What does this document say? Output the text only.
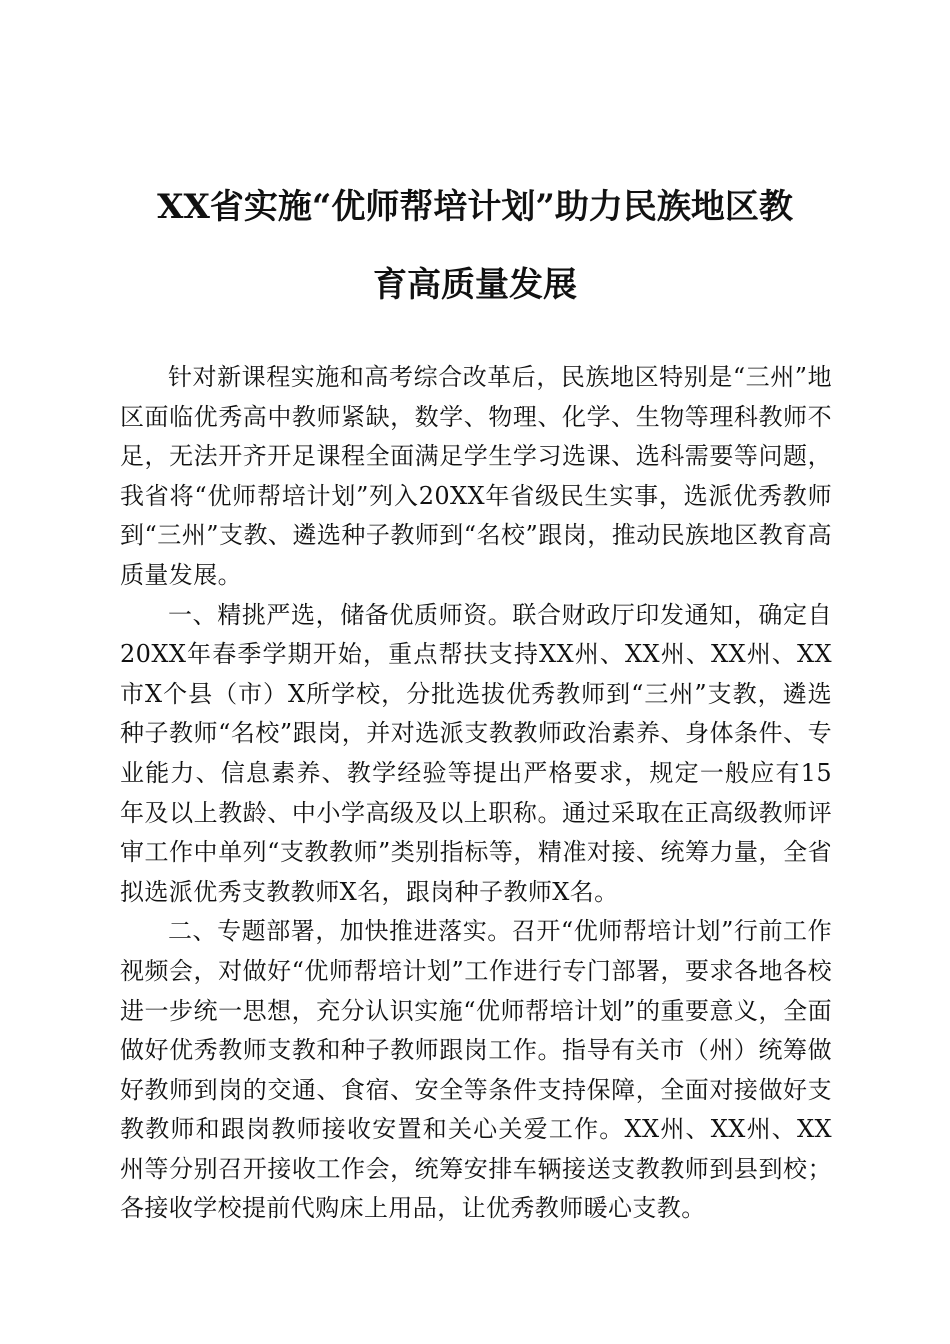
XX省实施“优师帮培计划”助力民族地区教
育高质量发展

针对新课程实施和高考综合改革后，民族地区特别是“三州”地区面临优秀高中教师紧缺，数学、物理、化学、生物等理科教师不足，无法开齐开足课程全面满足学生学习选课、选科需要等问题，我省将“优师帮培计划”列入20XX年省级民生实事，选派优秀教师到“三州”支教、遴选种子教师到“名校”跟岗，推动民族地区教育高质量发展。

一、精挑严选，储备优质师资。联合财政厅印发通知，确定自20XX年春季学期开始，重点帮扶支持XX州、XX州、XX州、XX市X个县（市）X所学校，分批选拔优秀教师到“三州”支教，遴选种子教师“名校”跟岗，并对选派支教教师政治素养、身体条件、专业能力、信息素养、教学经验等提出严格要求，规定一般应有15年及以上教龄、中小学高级及以上职称。通过采取在正高级教师评审工作中单列“支教教师”类别指标等，精准对接、统筹力量，全省拟选派优秀支教教师X名，跟岗种子教师X名。

二、专题部署，加快推进落实。召开“优师帮培计划”行前工作视频会，对做好“优师帮培计划”工作进行专门部署，要求各地各校进一步统一思想，充分认识实施“优师帮培计划”的重要意义，全面做好优秀教师支教和种子教师跟岗工作。指导有关市（州）统筹做好教师到岗的交通、食宿、安全等条件支持保障，全面对接做好支教教师和跟岗教师接收安置和关心关爱工作。XX州、XX州、XX州等分别召开接收工作会，统筹安排车辆接送支教教师到县到校；各接收学校提前代购床上用品，让优秀教师暖心支教。
